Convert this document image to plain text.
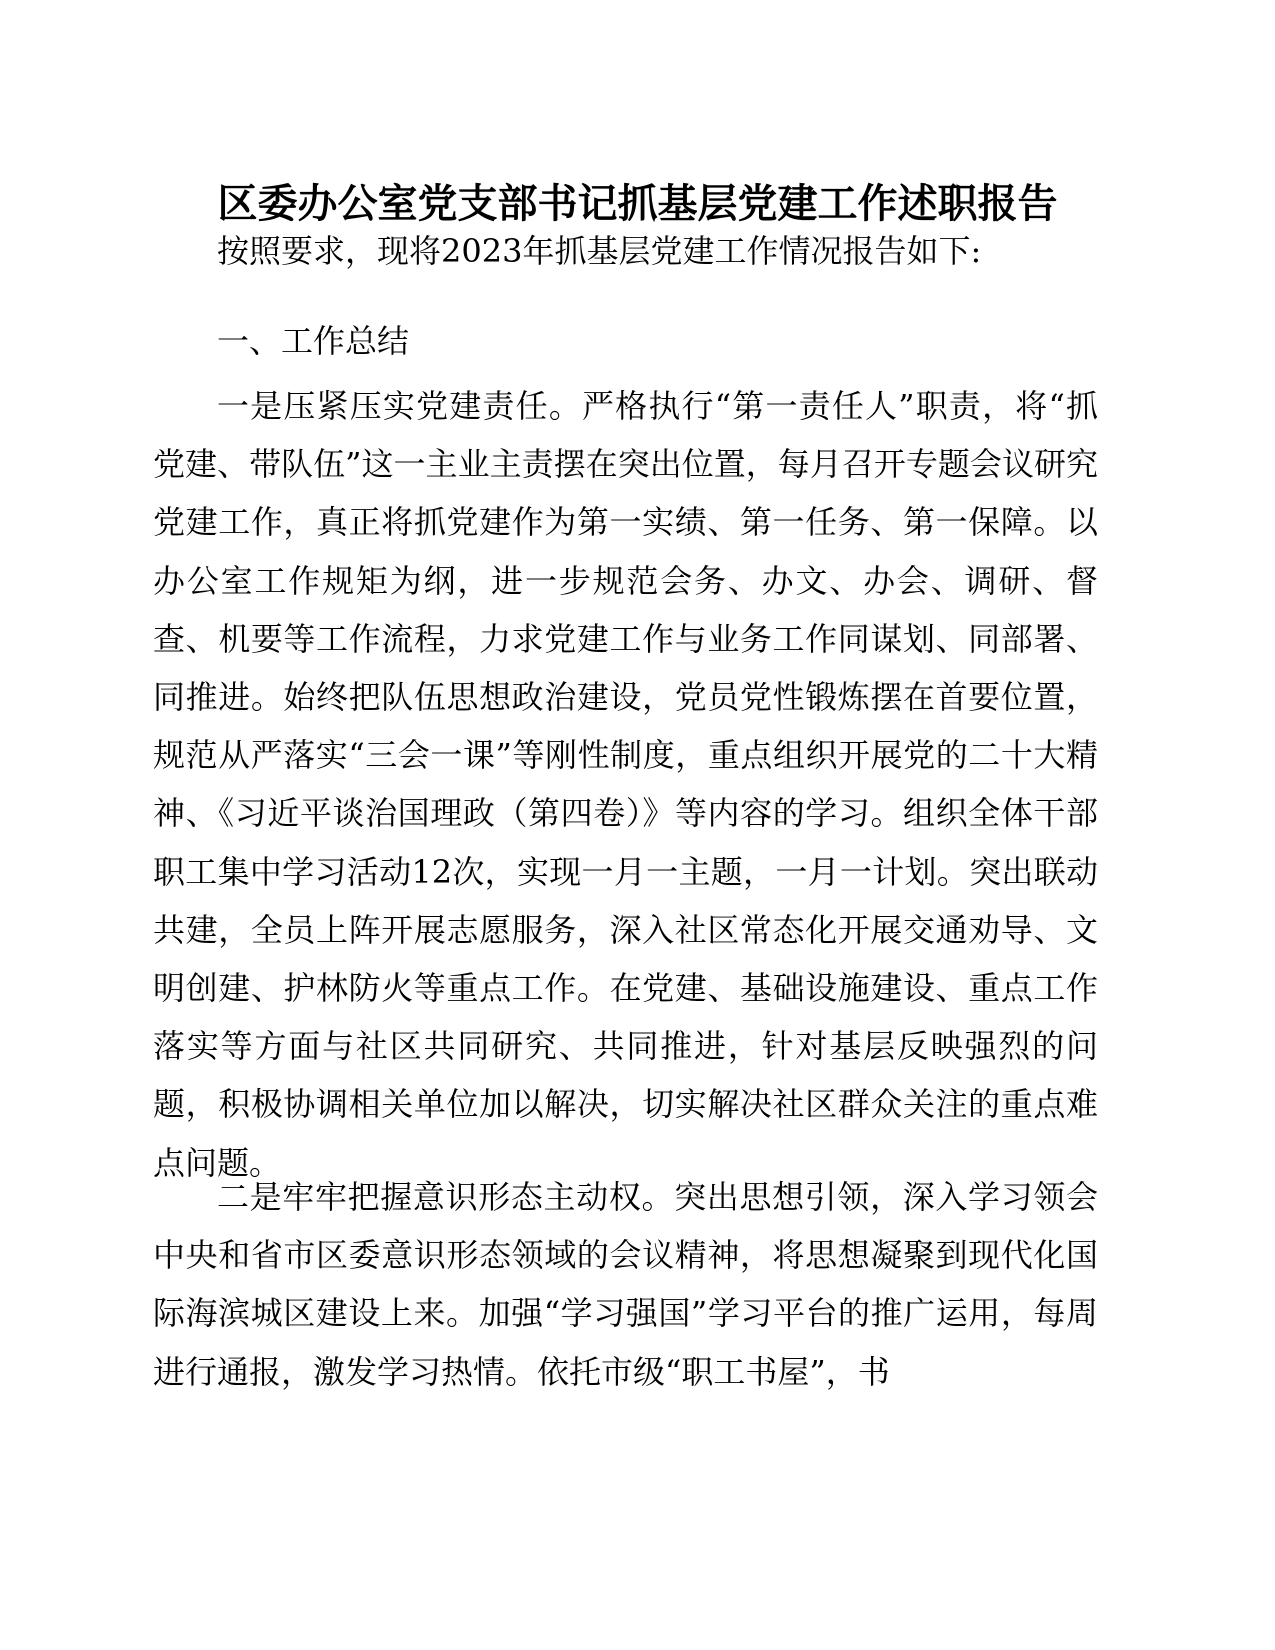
区委办公室党支部书记抓基层党建工作述职报告

按照要求，现将2023年抓基层党建工作情况报告如下:

一、工作总结

一是压紧压实党建责任。严格执行“第一责任人”职责，将“抓党建、带队伍”这一主业主责摆在突出位置，每月召开专题会议研究党建工作，真正将抓党建作为第一实绩、第一任务、第一保障。以办公室工作规矩为纲，进一步规范会务、办文、办会、调研、督查、机要等工作流程，力求党建工作与业务工作同谋划、同部署、同推进。始终把队伍思想政治建设，党员党性锻炼摆在首要位置，规范从严落实“三会一课”等刚性制度，重点组织开展党的二十大精神、《习近平谈治国理政（第四卷）》等内容的学习。组织全体干部职工集中学习活动12次，实现一月一主题，一月一计划。突出联动共建，全员上阵开展志愿服务，深入社区常态化开展交通劝导、文明创建、护林防火等重点工作。在党建、基础设施建设、重点工作落实等方面与社区共同研究、共同推进，针对基层反映强烈的问题，积极协调相关单位加以解决，切实解决社区群众关注的重点难点问题。

二是牢牢把握意识形态主动权。突出思想引领，深入学习领会中央和省市区委意识形态领域的会议精神，将思想凝聚到现代化国际海滨城区建设上来。加强“学习强国”学习平台的推广运用，每周进行通报，激发学习热情。依托市级“职工书屋”，书
